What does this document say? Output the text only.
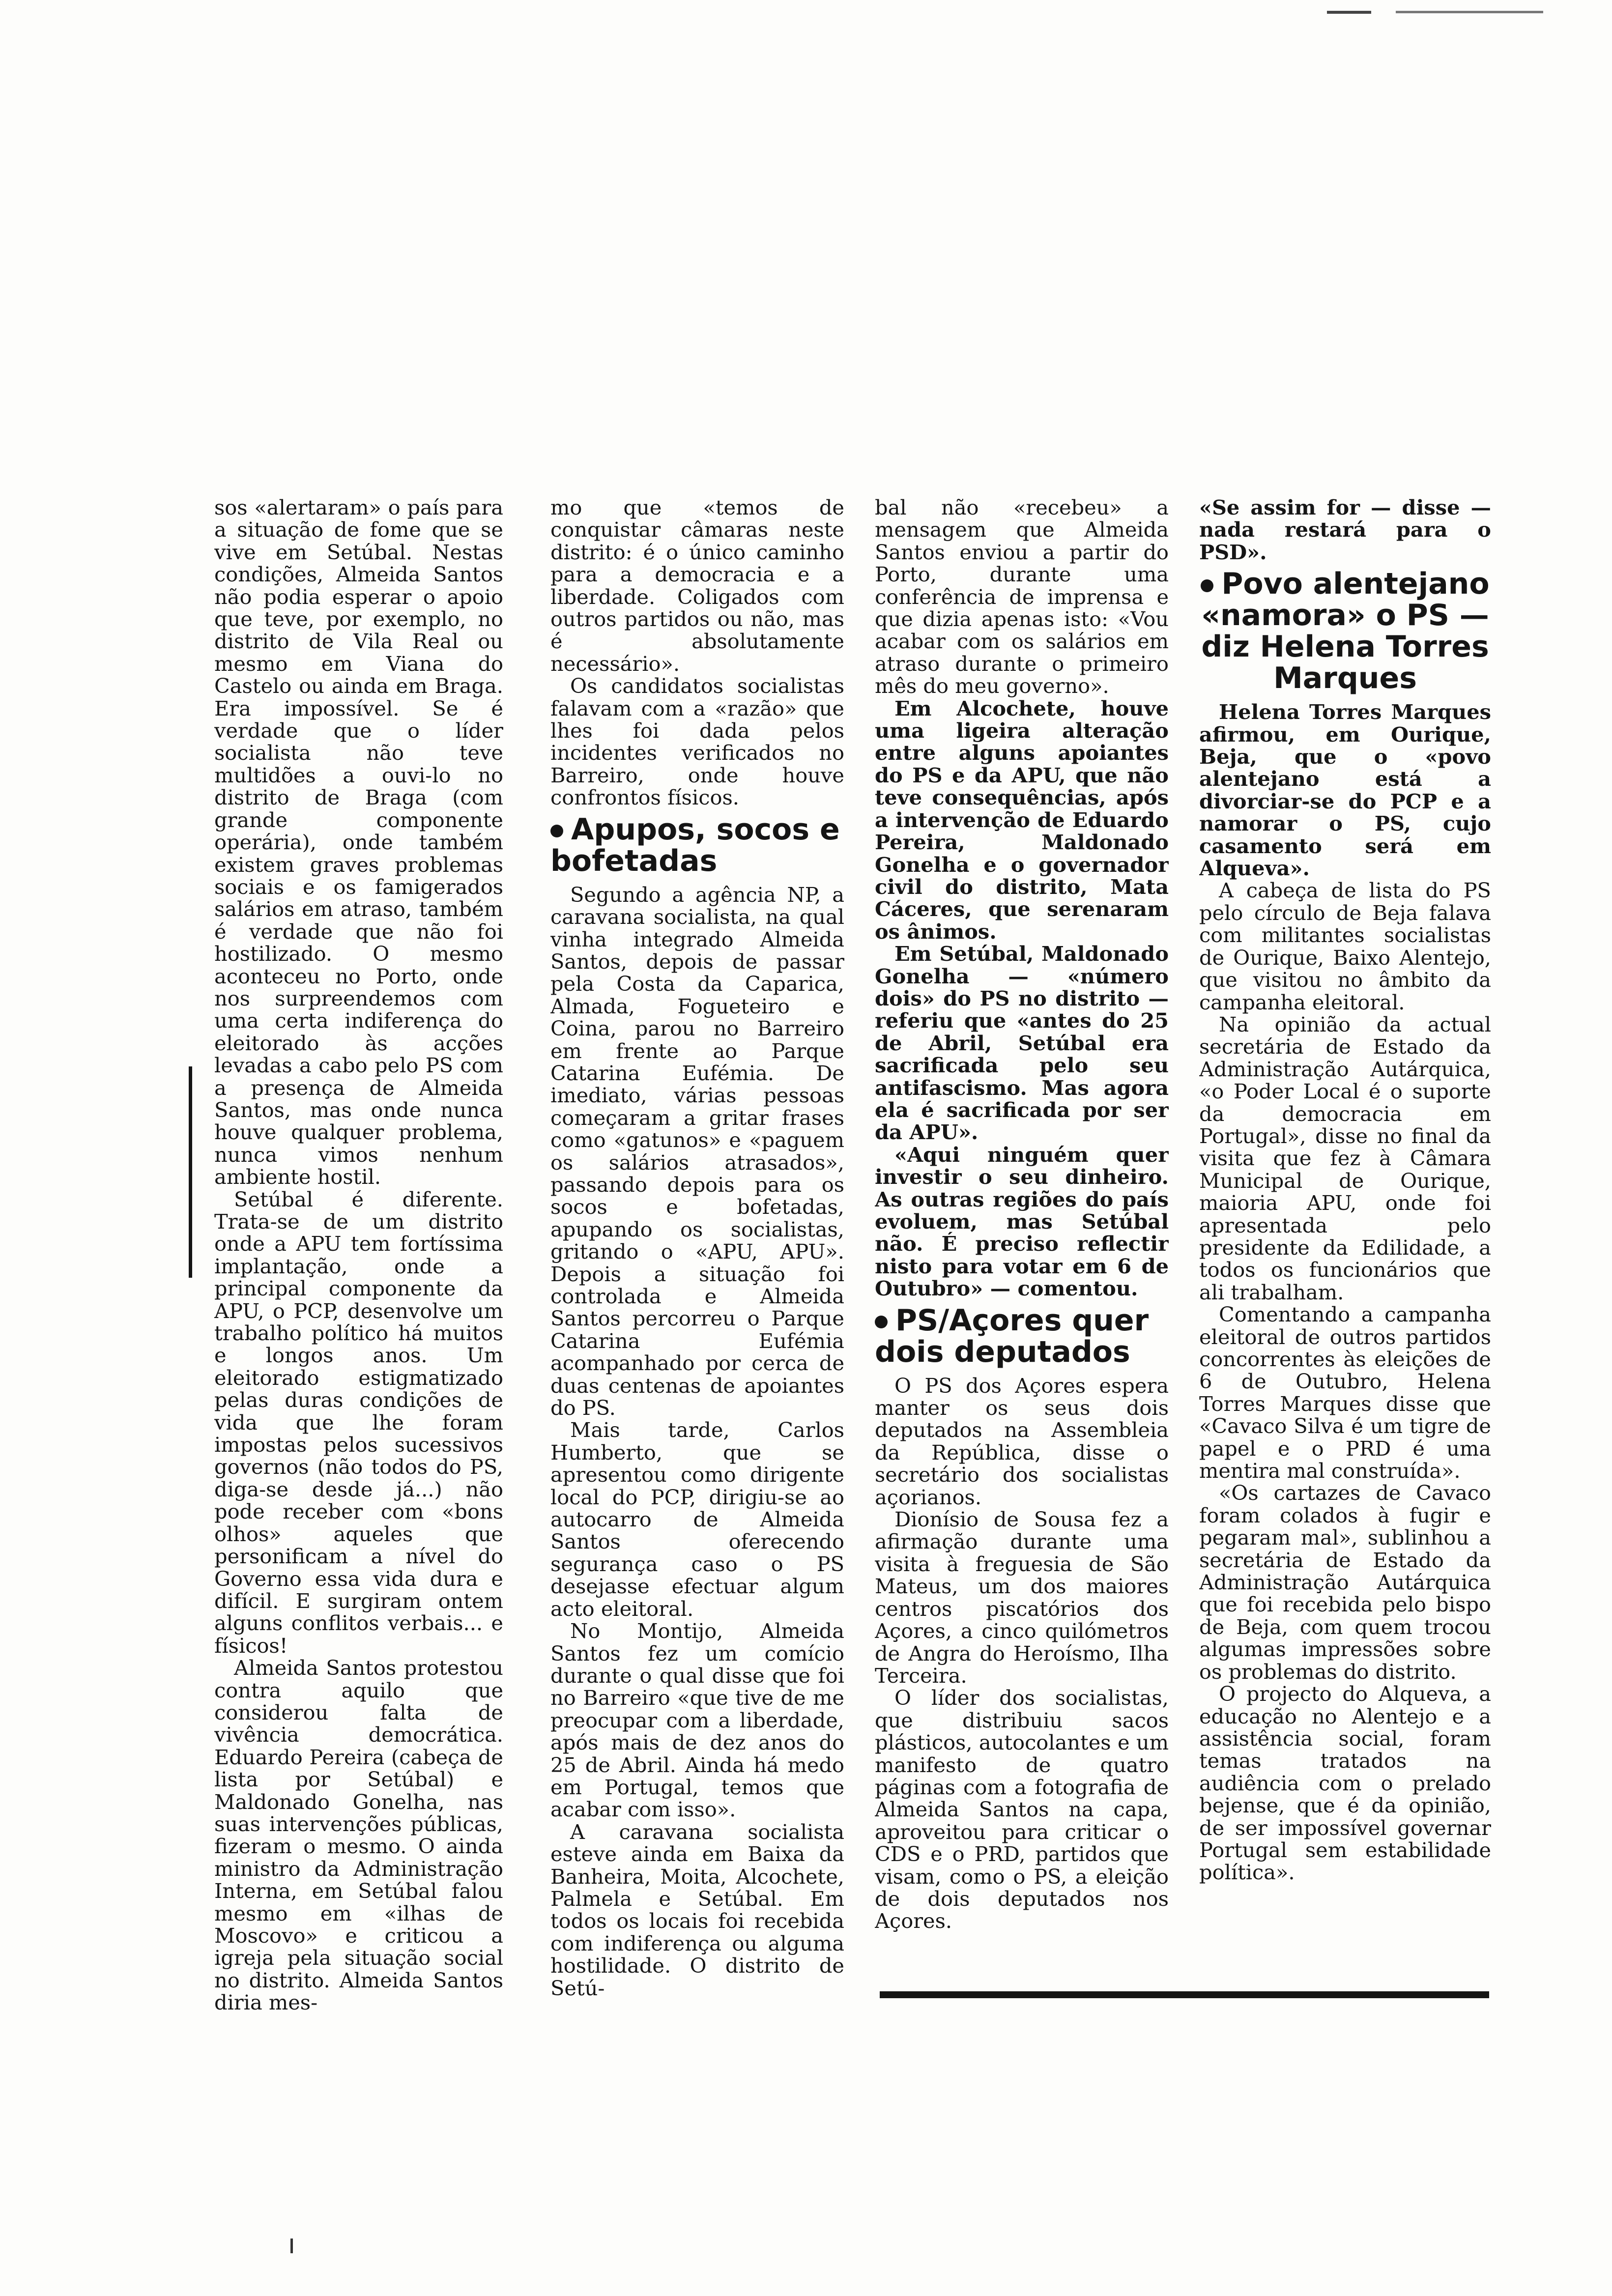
sos «alertaram» o país para a situação de fome que se vive em Setúbal. Nestas condições, Almeida Santos não podia esperar o apoio que teve, por exemplo, no distrito de Vila Real ou mesmo em Viana do Castelo ou ainda em Braga. Era impossível. Se é verdade que o líder socialista não teve multidões a ouvi-lo no distrito de Braga (com grande componente operária), onde também existem graves problemas sociais e os famigerados salários em atraso, também é verdade que não foi hostilizado. O mesmo aconteceu no Porto, onde nos surpreendemos com uma certa indiferença do eleitorado às acções levadas a cabo pelo PS com a presença de Almeida Santos, mas onde nunca houve qualquer problema, nunca vimos nenhum ambiente hostil.

Setúbal é diferente. Trata-se de um distrito onde a APU tem fortíssima implantação, onde a principal componente da APU, o PCP, desenvolve um trabalho político há muitos e longos anos. Um eleitorado estigmatizado pelas duras condições de vida que lhe foram impostas pelos sucessivos governos (não todos do PS, diga-se desde já...) não pode receber com «bons olhos» aqueles que personificam a nível do Governo essa vida dura e difícil. E surgiram ontem alguns conflitos verbais... e físicos!

Almeida Santos protestou contra aquilo que considerou falta de vivência democrática. Eduardo Pereira (cabeça de lista por Setúbal) e Maldonado Gonelha, nas suas intervenções públicas, fizeram o mesmo. O ainda ministro da Administração Interna, em Setúbal falou mesmo em «ilhas de Moscovo» e criticou a igreja pela situação social no distrito. Almeida Santos diria mes-

mo que «temos de conquistar câmaras neste distrito: é o único caminho para a democracia e a liberdade. Coligados com outros partidos ou não, mas é absolutamente necessário».

Os candidatos socialistas falavam com a «razão» que lhes foi dada pelos incidentes verificados no Barreiro, onde houve confrontos físicos.

Apupos, socos e bofetadas

Segundo a agência NP, a caravana socialista, na qual vinha integrado Almeida Santos, depois de passar pela Costa da Caparica, Almada, Fogueteiro e Coina, parou no Barreiro em frente ao Parque Catarina Eufémia. De imediato, várias pessoas começaram a gritar frases como «gatunos» e «paguem os salários atrasados», passando depois para os socos e bofetadas, apupando os socialistas, gritando o «APU, APU». Depois a situação foi controlada e Almeida Santos percorreu o Parque Catarina Eufémia acompanhado por cerca de duas centenas de apoiantes do PS.

Mais tarde, Carlos Humberto, que se apresentou como dirigente local do PCP, dirigiu-se ao autocarro de Almeida Santos oferecendo segurança caso o PS desejasse efectuar algum acto eleitoral.

No Montijo, Almeida Santos fez um comício durante o qual disse que foi no Barreiro «que tive de me preocupar com a liberdade, após mais de dez anos do 25 de Abril. Ainda há medo em Portugal, temos que acabar com isso».

A caravana socialista esteve ainda em Baixa da Banheira, Moita, Alcochete, Palmela e Setúbal. Em todos os locais foi recebida com indiferença ou alguma hostilidade. O distrito de Setú-

bal não «recebeu» a mensagem que Almeida Santos enviou a partir do Porto, durante uma conferência de imprensa e que dizia apenas isto: «Vou acabar com os salários em atraso durante o primeiro mês do meu governo».

Em Alcochete, houve uma ligeira alteração entre alguns apoiantes do PS e da APU, que não teve consequências, após a intervenção de Eduardo Pereira, Maldonado Gonelha e o governador civil do distrito, Mata Cáceres, que serenaram os ânimos.

Em Setúbal, Maldonado Gonelha — «número dois» do PS no distrito — referiu que «antes do 25 de Abril, Setúbal era sacrificada pelo seu antifascismo. Mas agora ela é sacrificada por ser da APU».

«Aqui ninguém quer investir o seu dinheiro. As outras regiões do país evoluem, mas Setúbal não. É preciso reflectir nisto para votar em 6 de Outubro» — comentou.

PS/Açores quer dois deputados

O PS dos Açores espera manter os seus dois deputados na Assembleia da República, disse o secretário dos socialistas açorianos.

Dionísio de Sousa fez a afirmação durante uma visita à freguesia de São Mateus, um dos maiores centros piscatórios dos Açores, a cinco quilómetros de Angra do Heroísmo, Ilha Terceira.

O líder dos socialistas, que distribuiu sacos plásticos, autocolantes e um manifesto de quatro páginas com a fotografia de Almeida Santos na capa, aproveitou para criticar o CDS e o PRD, partidos que visam, como o PS, a eleição de dois deputados nos Açores.

«Se assim for — disse — nada restará para o PSD».

Povo alentejano «namora» o PS — diz Helena Torres Marques

Helena Torres Marques afirmou, em Ourique, Beja, que o «povo alentejano está a divorciar-se do PCP e a namorar o PS, cujo casamento será em Alqueva».

A cabeça de lista do PS pelo círculo de Beja falava com militantes socialistas de Ourique, Baixo Alentejo, que visitou no âmbito da campanha eleitoral.

Na opinião da actual secretária de Estado da Administração Autárquica, «o Poder Local é o suporte da democracia em Portugal», disse no final da visita que fez à Câmara Municipal de Ourique, maioria APU, onde foi apresentada pelo presidente da Edilidade, a todos os funcionários que ali trabalham.

Comentando a campanha eleitoral de outros partidos concorrentes às eleições de 6 de Outubro, Helena Torres Marques disse que «Cavaco Silva é um tigre de papel e o PRD é uma mentira mal construída».

«Os cartazes de Cavaco foram colados à fugir e pegaram mal», sublinhou a secretária de Estado da Administração Autárquica que foi recebida pelo bispo de Beja, com quem trocou algumas impressões sobre os problemas do distrito.

O projecto do Alqueva, a educação no Alentejo e a assistência social, foram temas tratados na audiência com o prelado bejense, que é da opinião, de ser impossível governar Portugal sem estabilidade política».
